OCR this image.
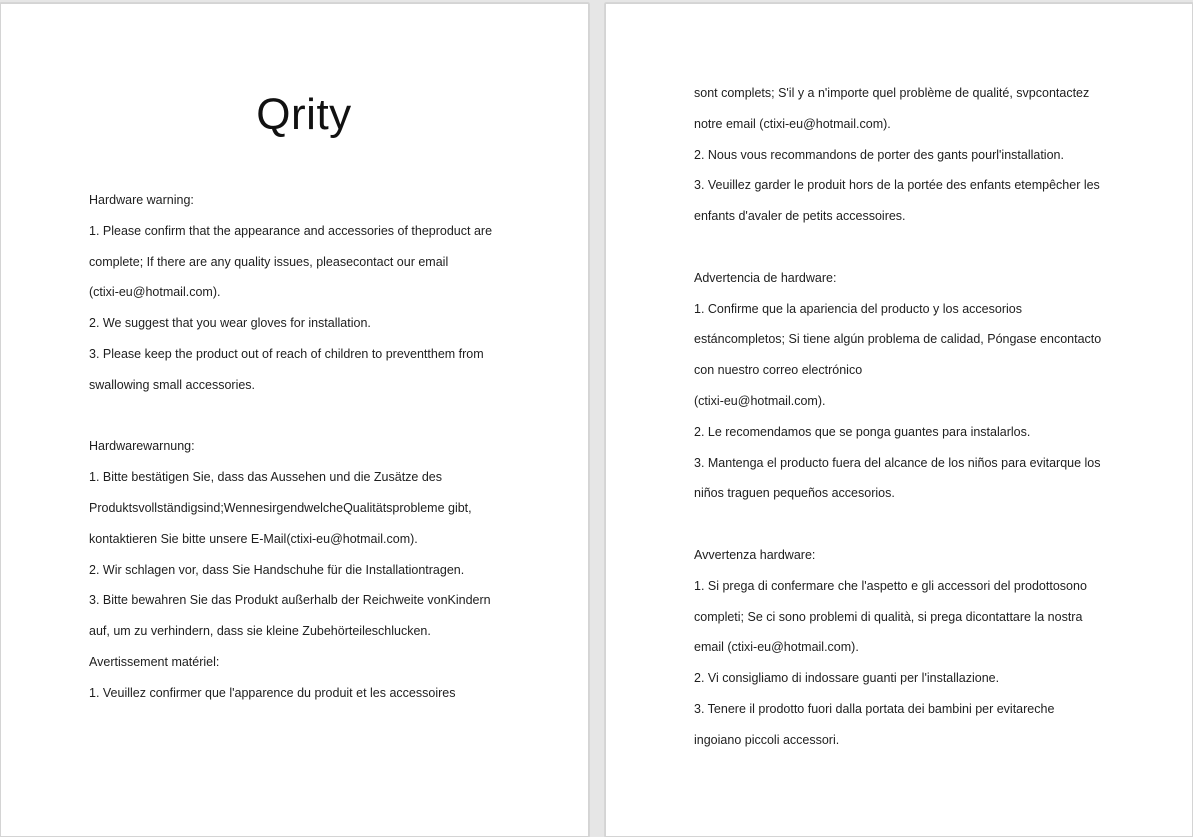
Qrity
Hardware warning:
1. Please confirm that the appearance and accessories of theproduct are
complete; If there are any quality issues, pleasecontact our email
(ctixi-eu@hotmail.com).
2. We suggest that you wear gloves for installation.
3. Please keep the product out of reach of children to preventthem from
swallowing small accessories.
Hardwarewarnung:
1. Bitte bestätigen Sie, dass das Aussehen und die Zusätze des
Produktsvollständigsind;WennesirgendwelcheQualitätsprobleme gibt,
kontaktieren Sie bitte unsere E-Mail(ctixi-eu@hotmail.com).
2. Wir schlagen vor, dass Sie Handschuhe für die Installationtragen.
3. Bitte bewahren Sie das Produkt außerhalb der Reichweite vonKindern
auf, um zu verhindern, dass sie kleine Zubehörteileschlucken.
Avertissement matériel:
1. Veuillez confirmer que l'apparence du produit et les accessoires
sont complets; S'il y a n'importe quel problème de qualité, svpcontactez
notre email (ctixi-eu@hotmail.com).
2. Nous vous recommandons de porter des gants pourl'installation.
3. Veuillez garder le produit hors de la portée des enfants etempêcher les
enfants d'avaler de petits accessoires.
Advertencia de hardware:
1. Confirme que la apariencia del producto y los accesorios
estáncompletos; Si tiene algún problema de calidad, Póngase encontacto
con nuestro correo electrónico
(ctixi-eu@hotmail.com).
2. Le recomendamos que se ponga guantes para instalarlos.
3. Mantenga el producto fuera del alcance de los niños para evitarque los
niños traguen pequeños accesorios.
Avvertenza hardware:
1. Si prega di confermare che l'aspetto e gli accessori del prodottosono
completi; Se ci sono problemi di qualità, si prega dicontattare la nostra
email (ctixi-eu@hotmail.com).
2. Vi consigliamo di indossare guanti per l'installazione.
3. Tenere il prodotto fuori dalla portata dei bambini per evitareche
ingoiano piccoli accessori.
